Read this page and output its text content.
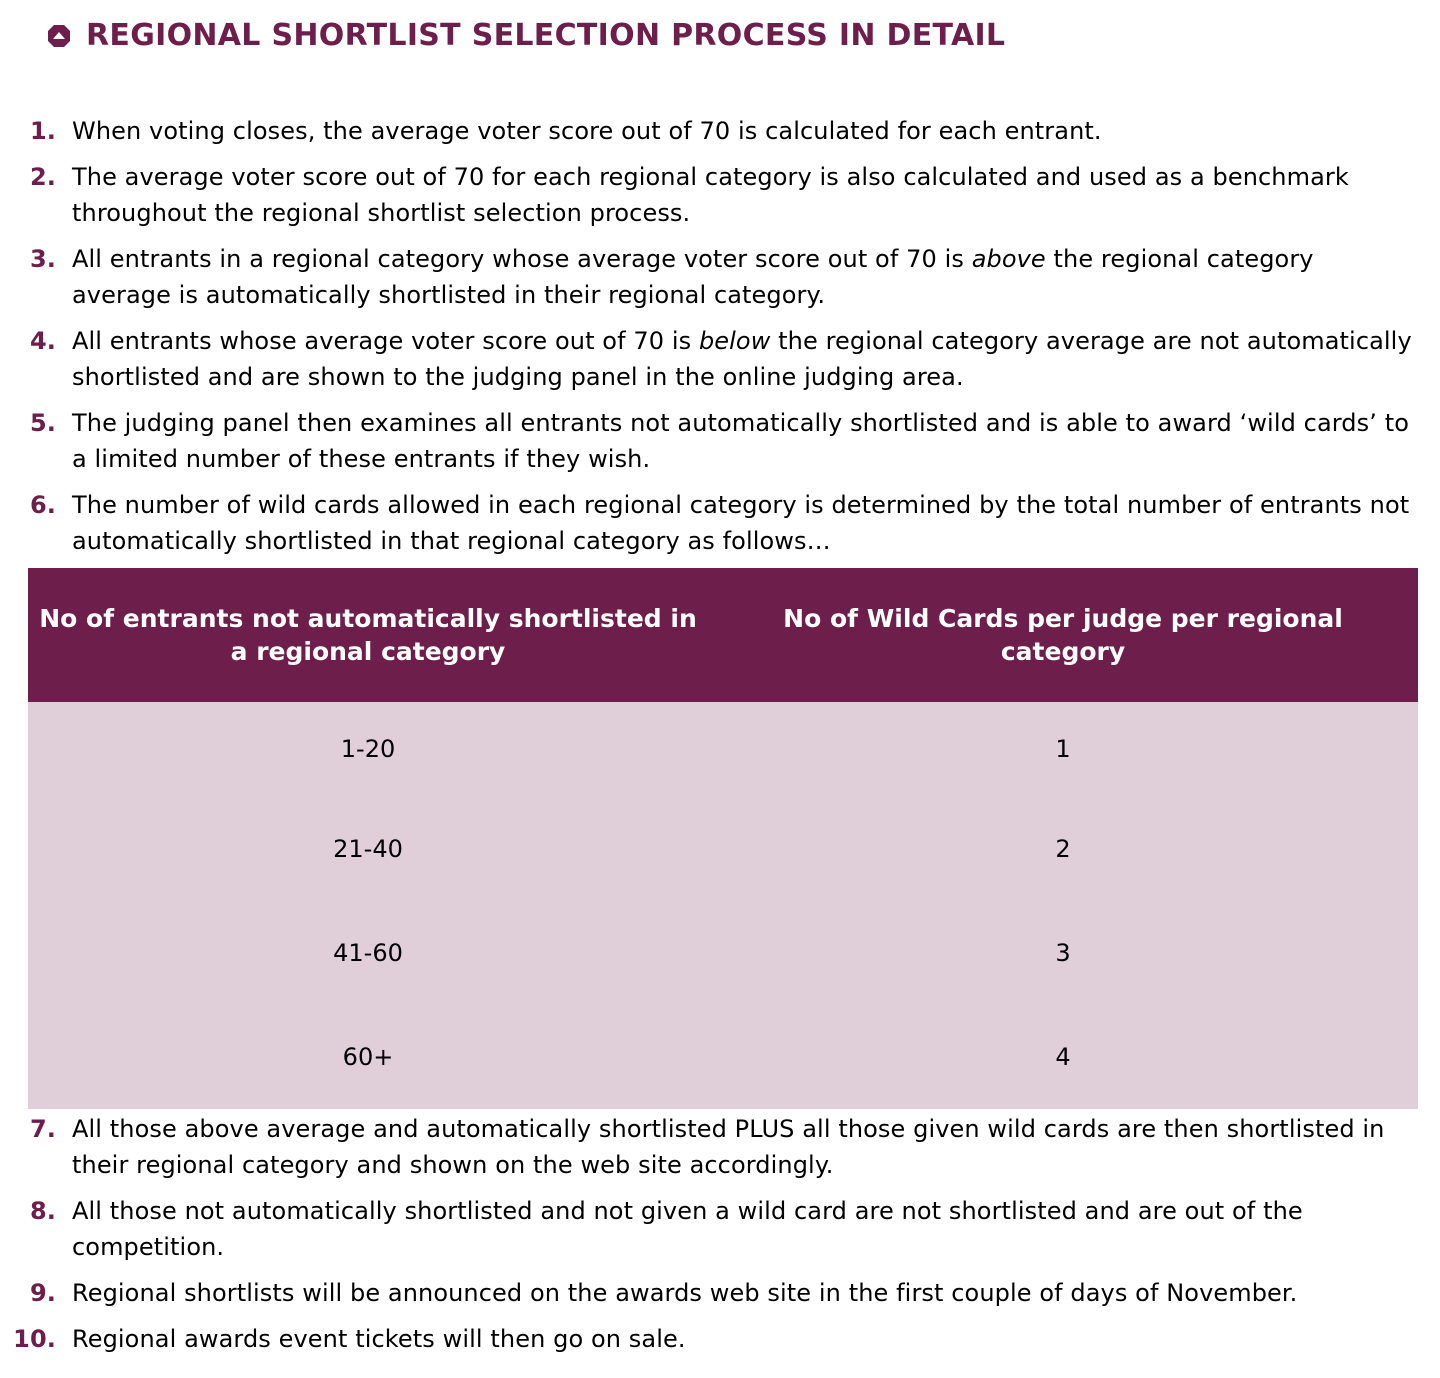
REGIONAL SHORTLIST SELECTION PROCESS IN DETAIL
1. When voting closes, the average voter score out of 70 is calculated for each entrant.
2. The average voter score out of 70 for each regional category is also calculated and used as a benchmark throughout the regional shortlist selection process.
3. All entrants in a regional category whose average voter score out of 70 is above the regional category average is automatically shortlisted in their regional category.
4. All entrants whose average voter score out of 70 is below the regional category average are not automatically shortlisted and are shown to the judging panel in the online judging area.
5. The judging panel then examines all entrants not automatically shortlisted and is able to award ‘wild cards’ to a limited number of these entrants if they wish.
6. The number of wild cards allowed in each regional category is determined by the total number of entrants not automatically shortlisted in that regional category as follows…
No of entrants not automatically shortlisted in a regional category	No of Wild Cards per judge per regional category
1-20	1
21-40	2
41-60	3
60+	4
7. All those above average and automatically shortlisted PLUS all those given wild cards are then shortlisted in their regional category and shown on the web site accordingly.
8. All those not automatically shortlisted and not given a wild card are not shortlisted and are out of the competition.
9. Regional shortlists will be announced on the awards web site in the first couple of days of November.
10. Regional awards event tickets will then go on sale.
